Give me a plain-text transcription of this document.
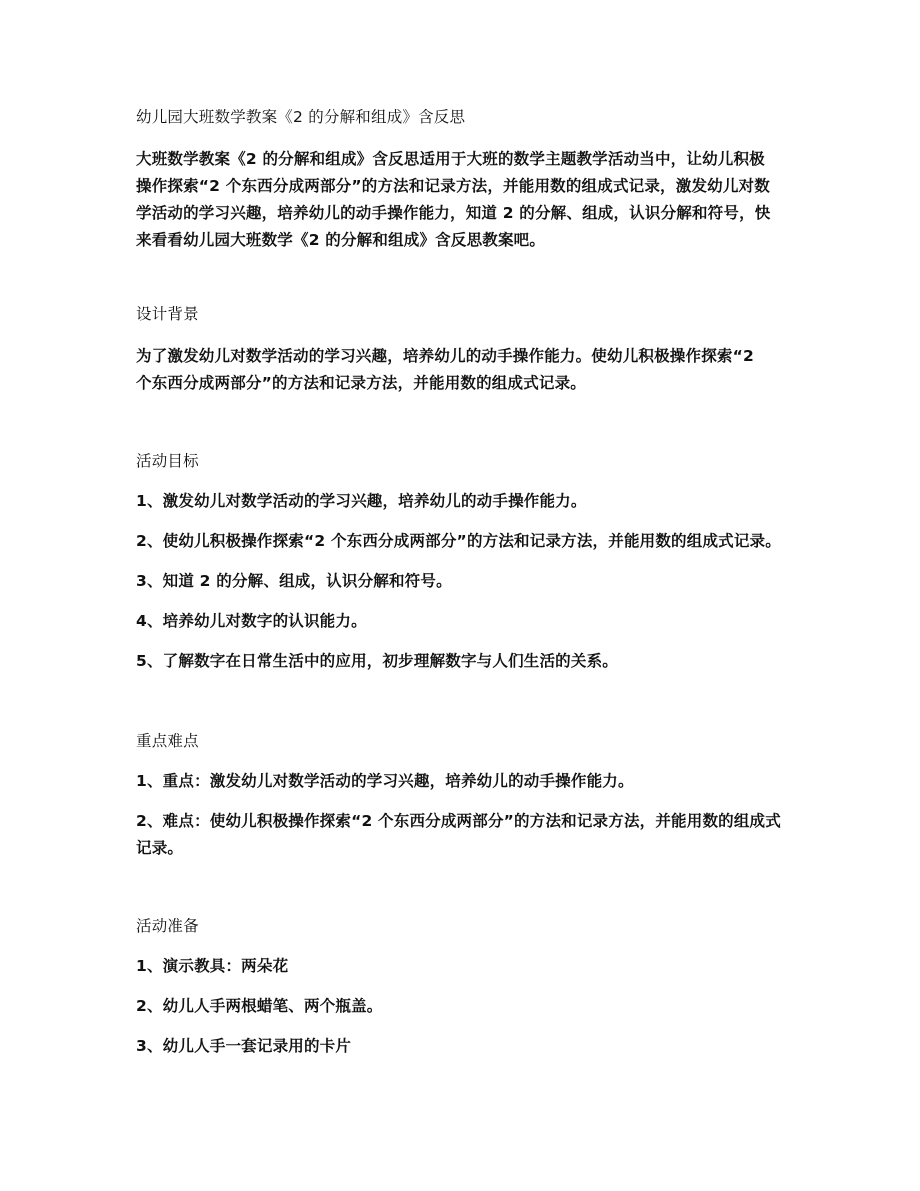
幼儿园大班数学教案《2 的分解和组成》含反思
大班数学教案《2 的分解和组成》含反思适用于大班的数学主题教学活动当中，让幼儿积极
操作探索“2 个东西分成两部分”的方法和记录方法，并能用数的组成式记录，激发幼儿对数
学活动的学习兴趣，培养幼儿的动手操作能力，知道 2 的分解、组成，认识分解和符号，快
来看看幼儿园大班数学《2 的分解和组成》含反思教案吧。
设计背景
为了激发幼儿对数学活动的学习兴趣，培养幼儿的动手操作能力。使幼儿积极操作探索“2
个东西分成两部分”的方法和记录方法，并能用数的组成式记录。
活动目标
1、激发幼儿对数学活动的学习兴趣，培养幼儿的动手操作能力。
2、使幼儿积极操作探索“2 个东西分成两部分”的方法和记录方法，并能用数的组成式记录。
3、知道 2 的分解、组成，认识分解和符号。
4、培养幼儿对数字的认识能力。
5、了解数字在日常生活中的应用，初步理解数字与人们生活的关系。
重点难点
1、重点：激发幼儿对数学活动的学习兴趣，培养幼儿的动手操作能力。
2、难点：使幼儿积极操作探索“2 个东西分成两部分”的方法和记录方法，并能用数的组成式
记录。
活动准备
1、演示教具：两朵花
2、幼儿人手两根蜡笔、两个瓶盖。
3、幼儿人手一套记录用的卡片
